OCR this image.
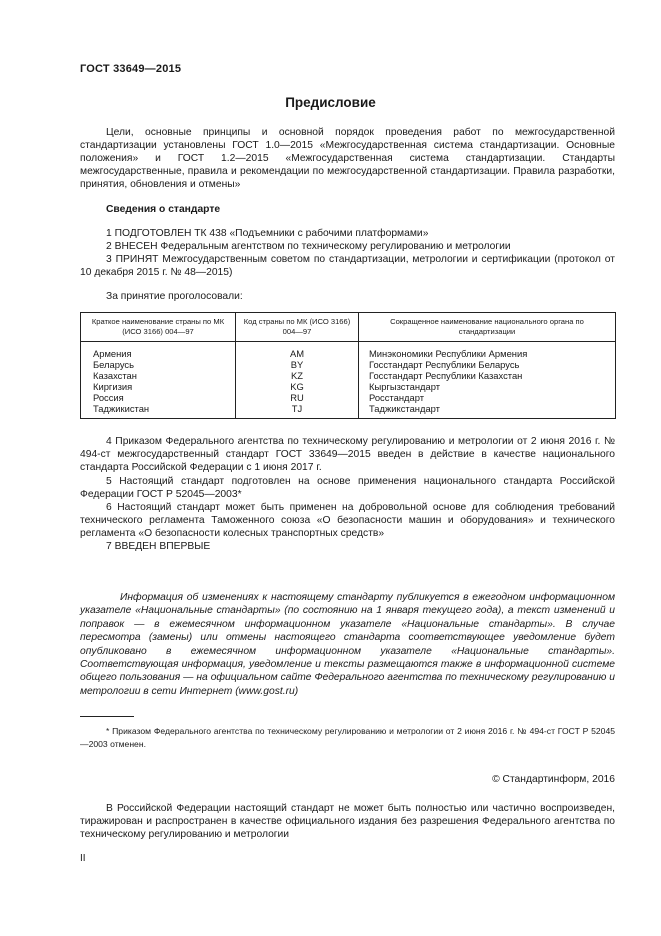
ГОСТ 33649—2015
Предисловие

Цели, основные принципы и основной порядок проведения работ по межгосударственной стандартизации установлены ГОСТ 1.0—2015 «Межгосударственная система стандартизации. Основные положения» и ГОСТ 1.2—2015 «Межгосударственная система стандартизации. Стандарты межгосударственные, правила и рекомендации по межгосударственной стандартизации. Правила разработки, принятия, обновления и отмены»

Сведения о стандарте

1 ПОДГОТОВЛЕН ТК 438 «Подъемники с рабочими платформами»

2 ВНЕСЕН Федеральным агентством по техническому регулированию и метрологии

3 ПРИНЯТ Межгосударственным советом по стандартизации, метрологии и сертификации (протокол от 10 декабря 2015 г. № 48—2015)

За принятие проголосовали:
Краткое наименование страны по МК (ИСО 3166) 004—97	Код страны по МК (ИСО 3166) 004—97	Сокращенное наименование национального органа по стандартизации
Армения	AM	Минэкономики Республики Армения
Беларусь	BY	Госстандарт Республики Беларусь
Казахстан	KZ	Госстандарт Республики Казахстан
Киргизия	KG	Кыргызстандарт
Россия	RU	Росстандарт
Таджикистан	TJ	Таджикстандарт

4 Приказом Федерального агентства по техническому регулированию и метрологии от 2 июня 2016 г. № 494-ст межгосударственный стандарт ГОСТ 33649—2015 введен в действие в качестве национального стандарта Российской Федерации с 1 июня 2017 г.

5 Настоящий стандарт подготовлен на основе применения национального стандарта Российской Федерации ГОСТ Р 52045—2003*

6 Настоящий стандарт может быть применен на добровольной основе для соблюдения требований технического регламента Таможенного союза «О безопасности машин и оборудования» и технического регламента «О безопасности колесных транспортных средств»

7 ВВЕДЕН ВПЕРВЫЕ

Информация об изменениях к настоящему стандарту публикуется в ежегодном информационном указателе «Национальные стандарты» (по состоянию на 1 января текущего года), а текст изменений и поправок — в ежемесячном информационном указателе «Национальные стандарты». В случае пересмотра (замены) или отмены настоящего стандарта соответствующее уведомление будет опубликовано в ежемесячном информационном указателе «Национальные стандарты». Соответствующая информация, уведомление и тексты размещаются также в информационной системе общего пользования — на официальном сайте Федерального агентства по техническому регулированию и метрологии в сети Интернет (www.gost.ru)

* Приказом Федерального агентства по техническому регулированию и метрологии от 2 июня 2016 г. № 494-ст ГОСТ Р 52045—2003 отменен.

© Стандартинформ, 2016

В Российской Федерации настоящий стандарт не может быть полностью или частично воспроизведен, тиражирован и распространен в качестве официального издания без разрешения Федерального агентства по техническому регулированию и метрологии

II
